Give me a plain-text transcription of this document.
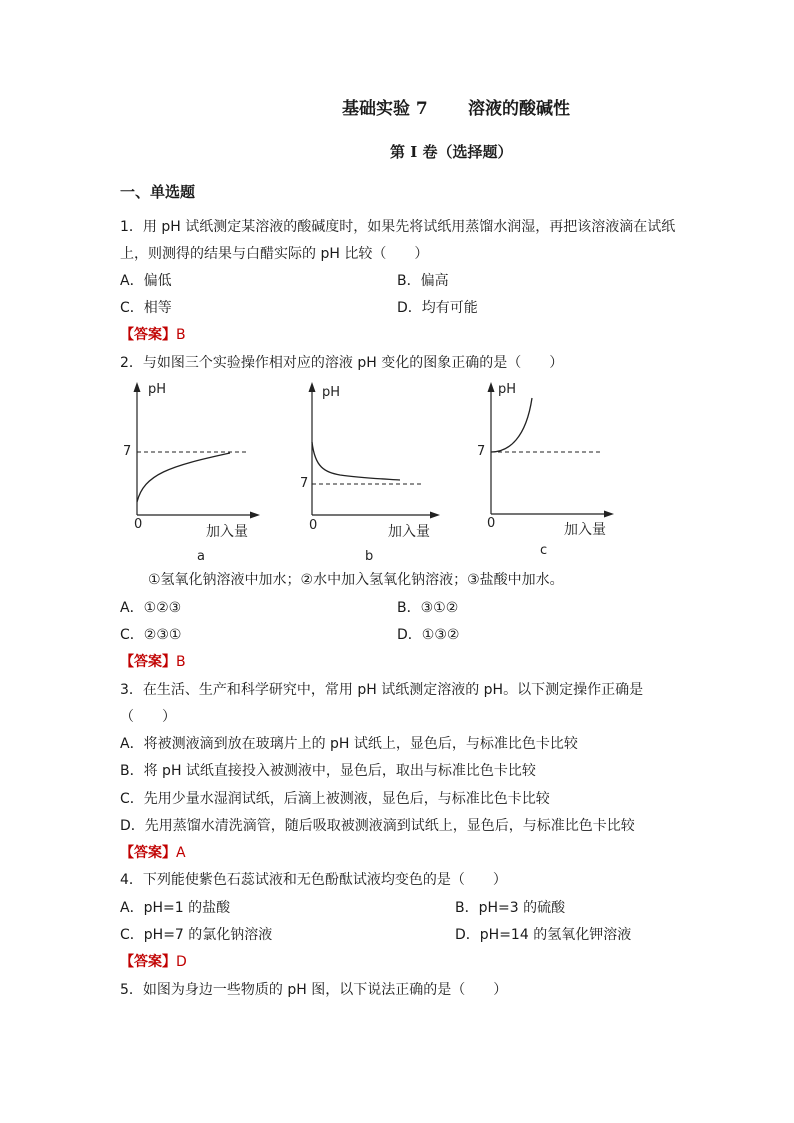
基础实验 7 溶液的酸碱性
第 I 卷（选择题）
一、单选题
1．用 pH 试纸测定某溶液的酸碱度时，如果先将试纸用蒸馏水润湿，再把该溶液滴在试纸
上，则测得的结果与白醋实际的 pH 比较（　　）
A．偏低	B．偏高
C．相等	D．均有可能
【答案】B
2．与如图三个实验操作相对应的溶液 pH 变化的图象正确的是（　　）
pH
7
0	加入量
a
pH
7
0	加入量
b
pH
7
0	加入量
c
①氢氧化钠溶液中加水；②水中加入氢氧化钠溶液；③盐酸中加水。
A．①②③	B．③①②
C．②③①	D．①③②
【答案】B
3．在生活、生产和科学研究中，常用 pH 试纸测定溶液的 pH。以下测定操作正确是
（　　）
A．将被测液滴到放在玻璃片上的 pH 试纸上，显色后，与标准比色卡比较
B．将 pH 试纸直接投入被测液中，显色后，取出与标准比色卡比较
C．先用少量水湿润试纸，后滴上被测液，显色后，与标准比色卡比较
D．先用蒸馏水清洗滴管，随后吸取被测液滴到试纸上，显色后，与标准比色卡比较
【答案】A
4．下列能使紫色石蕊试液和无色酚酞试液均变色的是（　　）
A．pH=1 的盐酸	B．pH=3 的硫酸
C．pH=7 的氯化钠溶液	D．pH=14 的氢氧化钾溶液
【答案】D
5．如图为身边一些物质的 pH 图，以下说法正确的是（　　）
